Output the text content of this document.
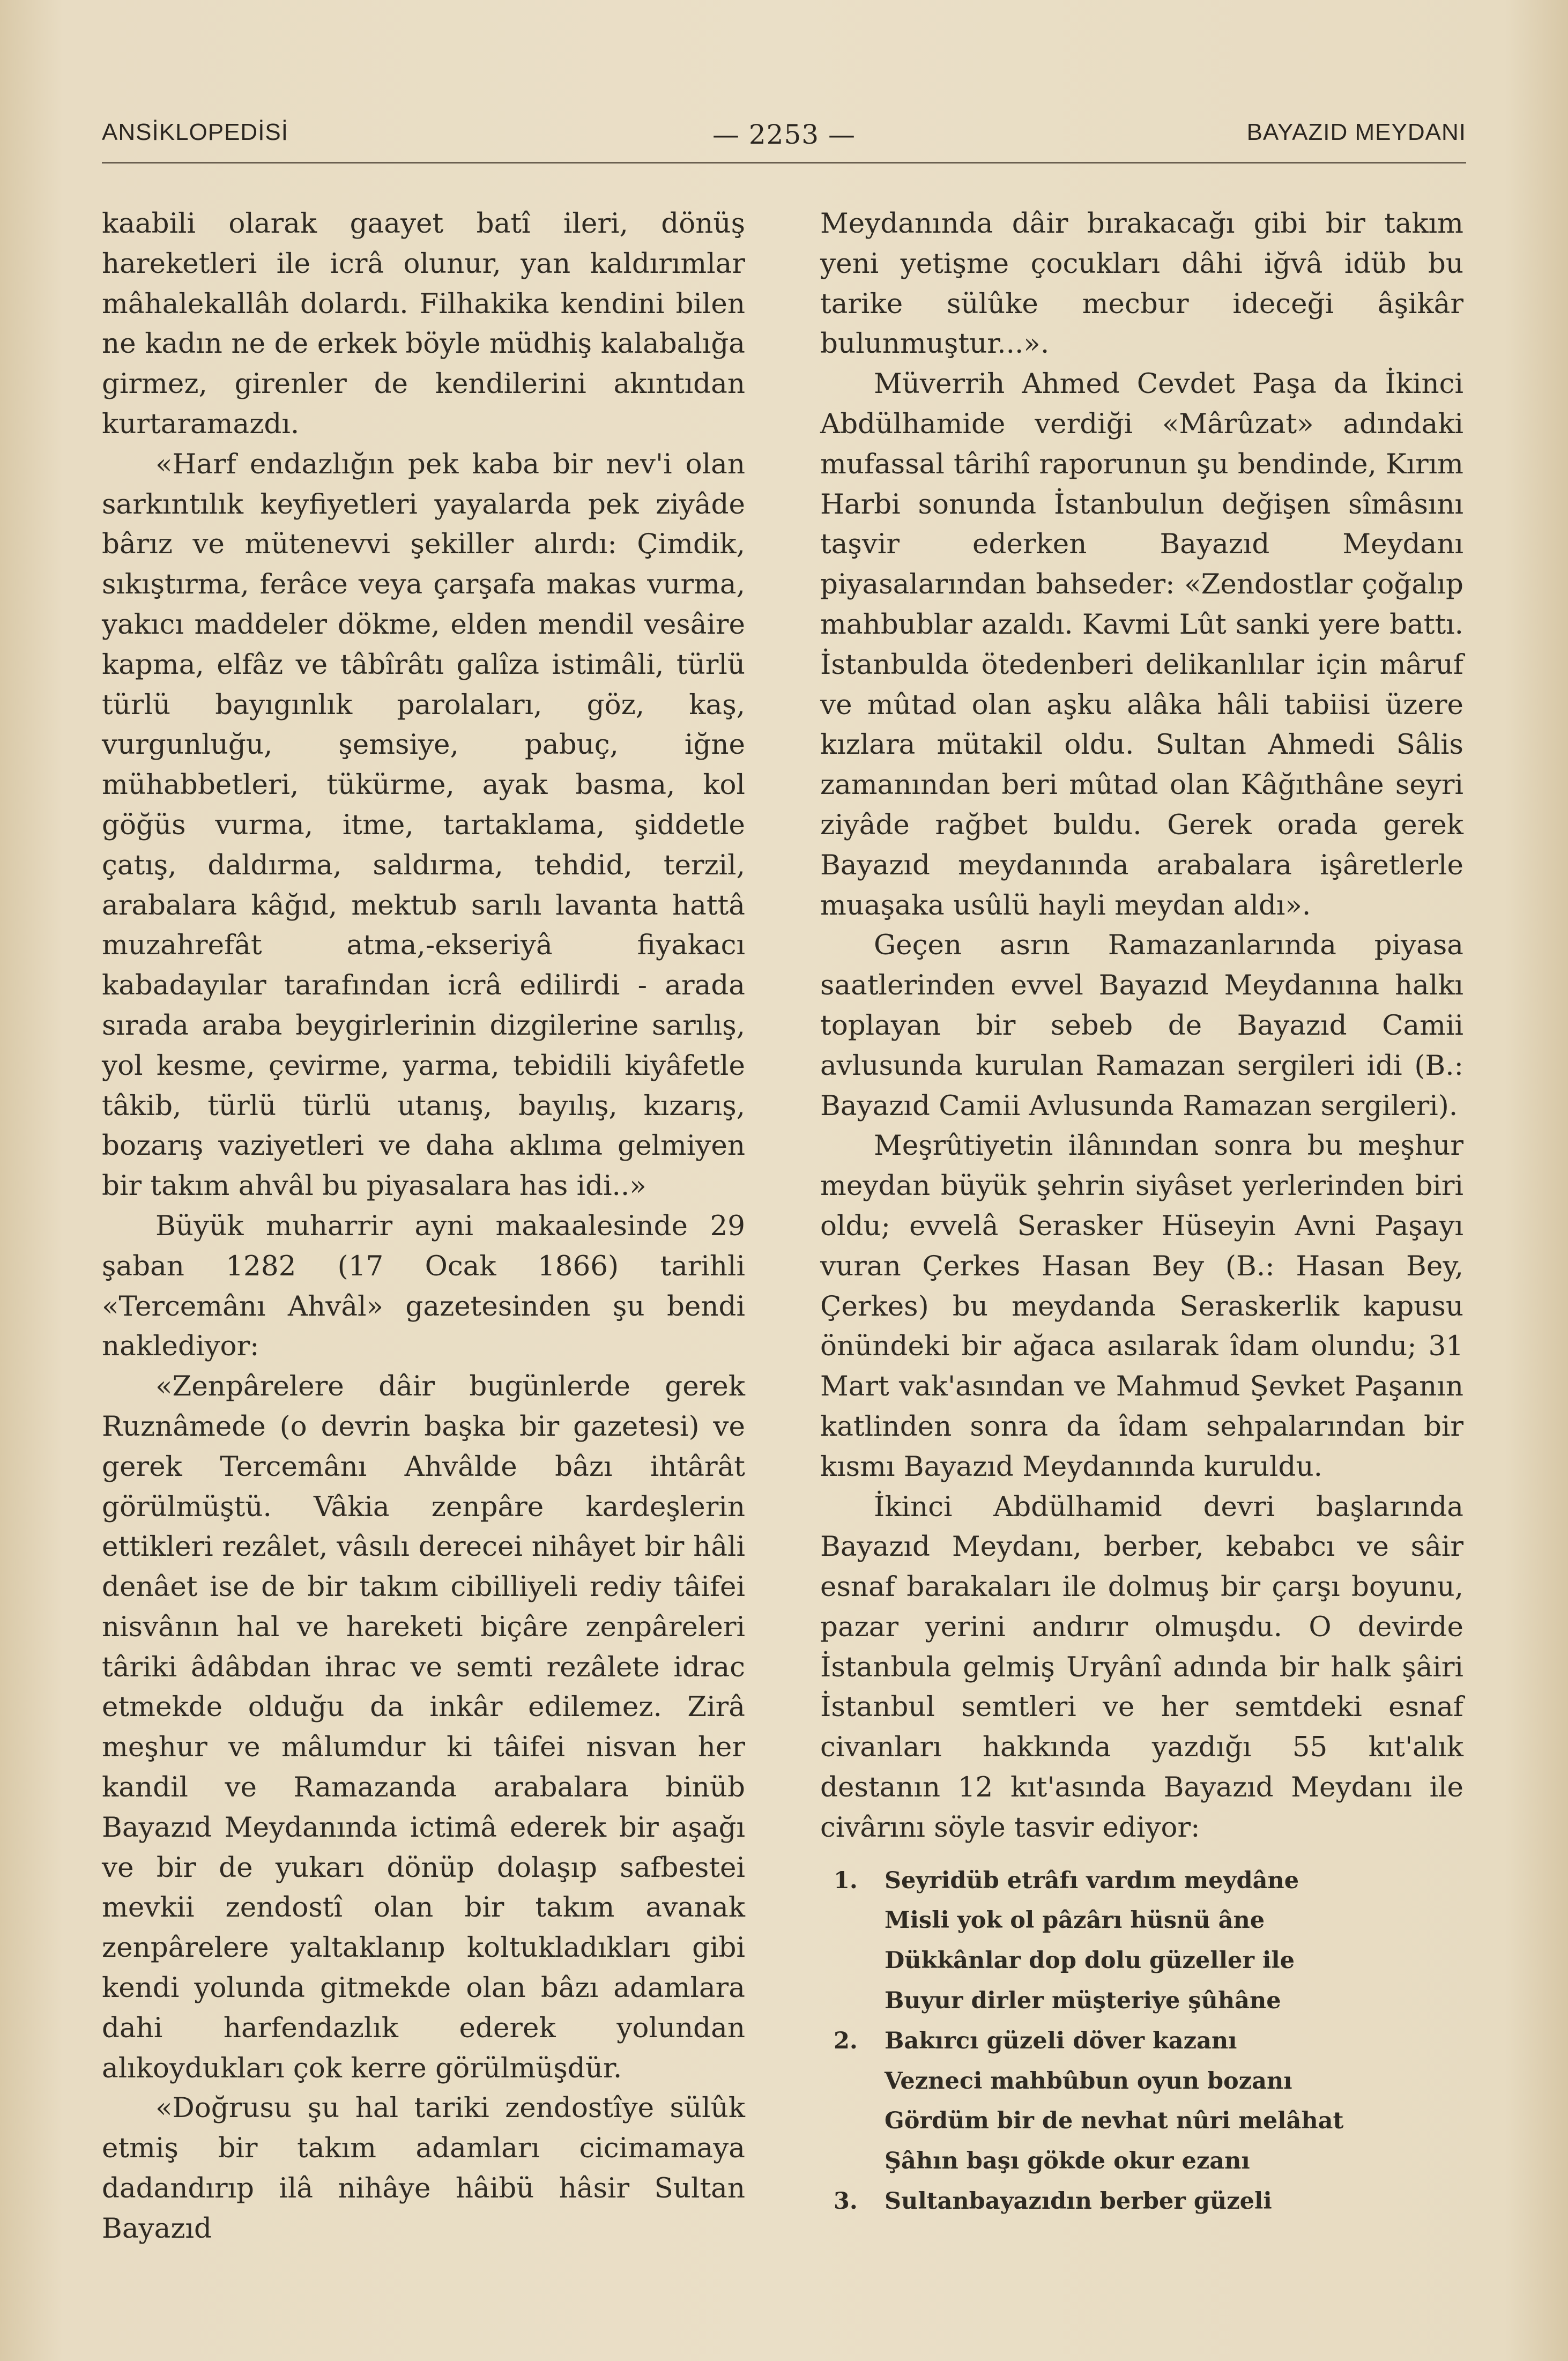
ANSİKLOPEDİSİ	— 2253 —	BAYAZID MEYDANI

kaabili olarak gaayet batî ileri, dönüş hareketleri ile icrâ olunur, yan kaldırımlar mâhalekallâh dolardı. Filhakika kendini bilen ne kadın ne de erkek böyle müdhiş kalabalığa girmez, girenler de kendilerini akıntıdan kurtaramazdı.

«Harf endazlığın pek kaba bir nev'i olan sarkıntılık keyfiyetleri yayalarda pek ziyâde bârız ve mütenevvi şekiller alırdı: Çimdik, sıkıştırma, ferâce veya çarşafa makas vurma, yakıcı maddeler dökme, elden mendil vesâire kapma, elfâz ve tâbîrâtı galîza istimâli, türlü türlü bayıgınlık parolaları, göz, kaş, vurgunluğu, şemsiye, pabuç, iğne mühabbetleri, tükürme, ayak basma, kol göğüs vurma, itme, tartaklama, şiddetle çatış, daldırma, saldırma, tehdid, terzil, arabalara kâğıd, mektub sarılı lavanta hattâ muzahrefât atma,-ekseriyâ fiyakacı kabadayılar tarafından icrâ edilirdi - arada sırada araba beygirlerinin dizgilerine sarılış, yol kesme, çevirme, yarma, tebidili kiyâfetle tâkib, türlü türlü utanış, bayılış, kızarış, bozarış vaziyetleri ve daha aklıma gelmiyen bir takım ahvâl bu piyasalara has idi..»

Büyük muharrir ayni makaalesinde 29 şaban 1282 (17 Ocak 1866) tarihli «Tercemânı Ahvâl» gazetesinden şu bendi naklediyor:

«Zenpârelere dâir bugünlerde gerek Ruznâmede (o devrin başka bir gazetesi) ve gerek Tercemânı Ahvâlde bâzı ihtârât görülmüştü. Vâkia zenpâre kardeşlerin ettikleri rezâlet, vâsılı derecei nihâyet bir hâli denâet ise de bir takım cibilliyeli rediy tâifei nisvânın hal ve hareketi biçâre zenpâreleri târiki âdâbdan ihrac ve semti rezâlete idrac etmekde olduğu da inkâr edilemez. Zirâ meşhur ve mâlumdur ki tâifei nisvan her kandil ve Ramazanda arabalara binüb Bayazıd Meydanında ictimâ ederek bir aşağı ve bir de yukarı dönüp dolaşıp safbestei mevkii zendostî olan bir takım avanak zenpârelere yaltaklanıp koltukladıkları gibi kendi yolunda gitmekde olan bâzı adamlara dahi harfendazlık ederek yolundan alıkoydukları çok kerre görülmüşdür.

«Doğrusu şu hal tariki zendostîye sülûk etmiş bir takım adamları cicimamaya dadandırıp ilâ nihâye hâibü hâsir Sultan Bayazıd

Meydanında dâir bırakacağı gibi bir takım yeni yetişme çocukları dâhi iğvâ idüb bu tarike sülûke mecbur ideceği âşikâr bulunmuştur...».

Müverrih Ahmed Cevdet Paşa da İkinci Abdülhamide verdiği «Mârûzat» adındaki mufassal târihî raporunun şu bendinde, Kırım Harbi sonunda İstanbulun değişen sîmâsını taşvir ederken Bayazıd Meydanı piyasalarından bahseder: «Zendostlar çoğalıp mahbublar azaldı. Kavmi Lût sanki yere battı. İstanbulda ötedenberi delikanlılar için mâruf ve mûtad olan aşku alâka hâli tabiisi üzere kızlara mütakil oldu. Sultan Ahmedi Sâlis zamanından beri mûtad olan Kâğıthâne seyri ziyâde rağbet buldu. Gerek orada gerek Bayazıd meydanında arabalara işâretlerle muaşaka usûlü hayli meydan aldı».

Geçen asrın Ramazanlarında piyasa saatlerinden evvel Bayazıd Meydanına halkı toplayan bir sebeb de Bayazıd Camii avlusunda kurulan Ramazan sergileri idi (B.: Bayazıd Camii Avlusunda Ramazan sergileri).

Meşrûtiyetin ilânından sonra bu meşhur meydan büyük şehrin siyâset yerlerinden biri oldu; evvelâ Serasker Hüseyin Avni Paşayı vuran Çerkes Hasan Bey (B.: Hasan Bey, Çerkes) bu meydanda Seraskerlik kapusu önündeki bir ağaca asılarak îdam olundu; 31 Mart vak'asından ve Mahmud Şevket Paşanın katlinden sonra da îdam sehpalarından bir kısmı Bayazıd Meydanında kuruldu.

İkinci Abdülhamid devri başlarında Bayazıd Meydanı, berber, kebabcı ve sâir esnaf barakaları ile dolmuş bir çarşı boyunu, pazar yerini andırır olmuşdu. O devirde İstanbula gelmiş Uryânî adında bir halk şâiri İstanbul semtleri ve her semtdeki esnaf civanları hakkında yazdığı 55 kıt'alık destanın 12 kıt'asında Bayazıd Meydanı ile civârını söyle tasvir ediyor:

1. Seyridüb etrâfı vardım meydâne
Misli yok ol pâzârı hüsnü âne
Dükkânlar dop dolu güzeller ile
Buyur dirler müşteriye şûhâne
2. Bakırcı güzeli döver kazanı
Vezneci mahbûbun oyun bozanı
Gördüm bir de nevhat nûri melâhat
Şâhın başı gökde okur ezanı
3. Sultanbayazıdın berber güzeli
